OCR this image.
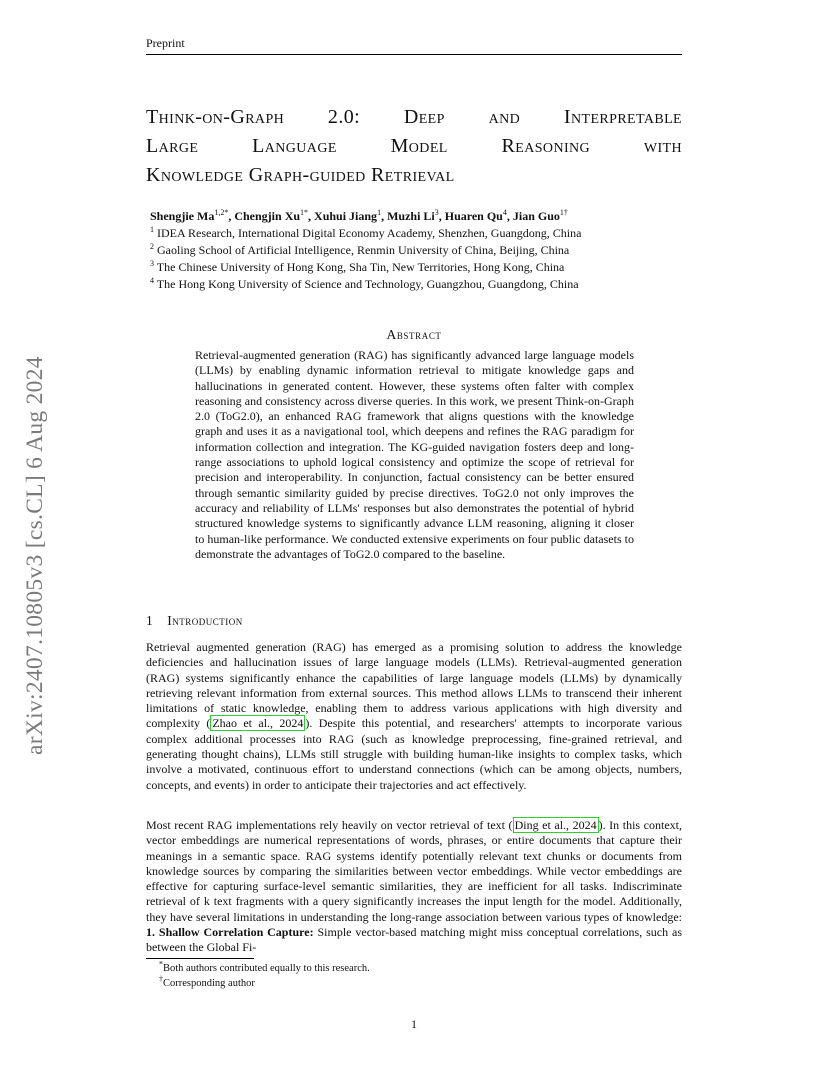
Preprint
arXiv:2407.10805v3 [cs.CL] 6 Aug 2024
Think-on-Graph 2.0: Deep and Interpretable
Large Language Model Reasoning with
Knowledge Graph-guided Retrieval
Shengjie $Ma^{1,2*}$, Chengjin $Xu^{1*}$, Xuhui Jiang$^1$, Muzhi Li$^3$, Huaren Qu$^4$, Jian Guo$^{1\dagger}$
$^1$ IDEA Research, International Digital Economy Academy, Shenzhen, Guangdong, China
$^2$ Gaoling School of Artificial Intelligence, Renmin University of China, Beijing, China
$^3$ The Chinese University of Hong Kong, Sha Tin, New Territories, Hong Kong, China
$^4$ The Hong Kong University of Science and Technology, Guangzhou, Guangdong, China
Abstract
Retrieval-augmented generation (RAG) has significantly advanced large language models (LLMs) by enabling dynamic information retrieval to mitigate knowledge gaps and hallucinations in generated content. However, these systems often falter with complex reasoning and consistency across diverse queries. In this work, we present Think-on-Graph 2.0 (ToG2.0), an enhanced RAG framework that aligns questions with the knowledge graph and uses it as a navigational tool, which deepens and refines the RAG paradigm for information collection and integration. The KG-guided navigation fosters deep and long-range associations to uphold logical consistency and optimize the scope of retrieval for precision and interoperability. In conjunction, factual consistency can be better ensured through semantic similarity guided by precise directives. ToG2.0 not only improves the accuracy and reliability of LLMs' responses but also demonstrates the potential of hybrid structured knowledge systems to significantly advance LLM reasoning, aligning it closer to human-like performance. We conducted extensive experiments on four public datasets to demonstrate the advantages of ToG2.0 compared to the baseline.
1 Introduction
Retrieval augmented generation (RAG) has emerged as a promising solution to address the knowledge deficiencies and hallucination issues of large language models (LLMs). Retrieval-augmented generation (RAG) systems significantly enhance the capabilities of large language models (LLMs) by dynamically retrieving relevant information from external sources. This method allows LLMs to transcend their inherent limitations of static knowledge, enabling them to address various applications with high diversity and complexity ( Zhao et al., 2024 ). Despite this potential, and researchers' attempts to incorporate various complex additional processes into RAG (such as knowledge preprocessing, fine-grained retrieval, and generating thought chains), LLMs still struggle with building human-like insights to complex tasks, which involve a motivated, continuous effort to understand connections (which can be among objects, numbers, concepts, and events) in order to anticipate their trajectories and act effectively.
Most recent RAG implementations rely heavily on vector retrieval of text ( Ding et al., 2024 ). In this context, vector embeddings are numerical representations of words, phrases, or entire documents that capture their meanings in a semantic space. RAG systems identify potentially relevant text chunks or documents from knowledge sources by comparing the similarities between vector embeddings. While vector embeddings are effective for capturing surface-level semantic similarities, they are inefficient for all tasks. Indiscriminate retrieval of k text fragments with a query significantly increases the input length for the model. Additionally, they have several limitations in understanding the long-range association between various types of knowledge: 1. Shallow Correlation Capture: Simple vector-based matching might miss conceptual correlations, such as between the Global Fi-
*Both authors contributed equally to this research.
†Corresponding author
1
